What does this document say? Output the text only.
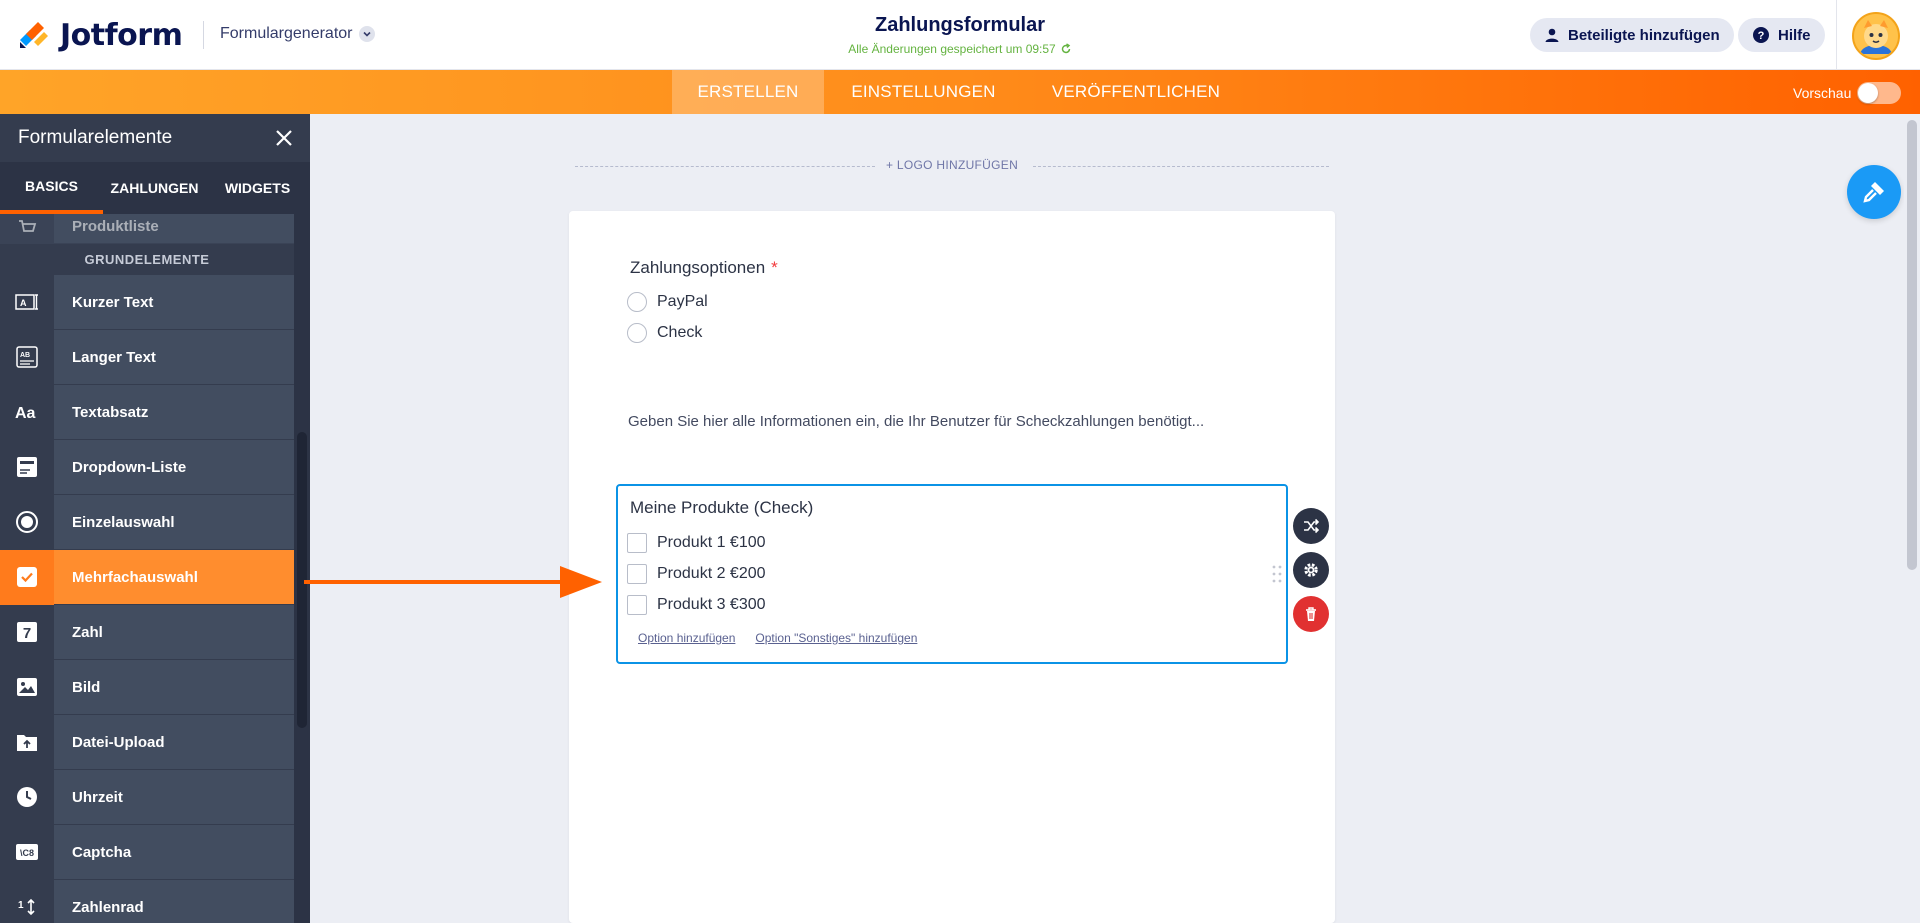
Jotform Formulargenerator	Zahlungsformular
Alle Änderungen gespeichert um 09:57
Beteiligte hinzufügen	? Hilfe
ERSTELLEN	EINSTELLUNGEN	VERÖFFENTLICHEN	Vorschau
Formularelemente
BASICS	ZAHLUNGEN	WIDGETS
Produktliste
GRUNDELEMENTE
A	Kurzer Text
AB	Langer Text
Aa	Textabsatz
Dropdown-Liste
Einzelauswahl
Mehrfachauswahl
7	Zahl
Bild
Datei-Upload
Uhrzeit
\C8	Captcha
1	Zahlenrad
+ LOGO HINZUFÜGEN
Zahlungsoptionen *
PayPal
Check
Geben Sie hier alle Informationen ein, die Ihr Benutzer für Scheckzahlungen benötigt...
Meine Produkte (Check)
Produkt 1 €100
Produkt 2 €200
Produkt 3 €300
Option hinzufügen Option "Sonstiges" hinzufügen
